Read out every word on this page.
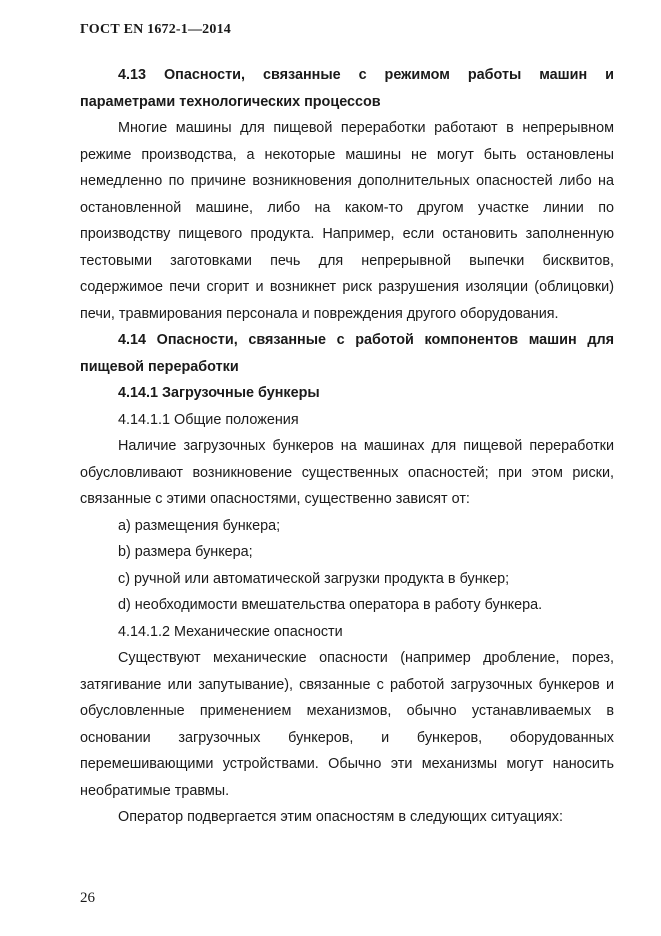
ГОСТ EN 1672-1—2014

4.13 Опасности, связанные с режимом работы машин и параметрами технологических процессов

Многие машины для пищевой переработки работают в непрерывном режиме производства, а некоторые машины не могут быть остановлены немедленно по причине возникновения дополнительных опасностей либо на остановленной машине, либо на каком-то другом участке линии по производству пищевого продукта. Например, если остановить заполненную тестовыми заготовками печь для непрерывной выпечки бисквитов, содержимое печи сгорит и возникнет риск разрушения изоляции (облицовки) печи, травмирования персонала и повреждения другого оборудования.

4.14 Опасности, связанные с работой компонентов машин для пищевой переработки

4.14.1 Загрузочные бункеры

4.14.1.1 Общие положения

Наличие загрузочных бункеров на машинах для пищевой переработки обусловливают возникновение существенных опасностей; при этом риски, связанные с этими опасностями, существенно зависят от:

a) размещения бункера;

b) размера бункера;

c) ручной или автоматической загрузки продукта в бункер;

d) необходимости вмешательства оператора в работу бункера.

4.14.1.2 Механические опасности

Существуют механические опасности (например дробление, порез, затягивание или запутывание), связанные с работой загрузочных бункеров и обусловленные применением механизмов, обычно устанавливаемых в основании загрузочных бункеров, и бункеров, оборудованных перемешивающими устройствами. Обычно эти механизмы могут наносить необратимые травмы.

Оператор подвергается этим опасностям в следующих ситуациях:

26
